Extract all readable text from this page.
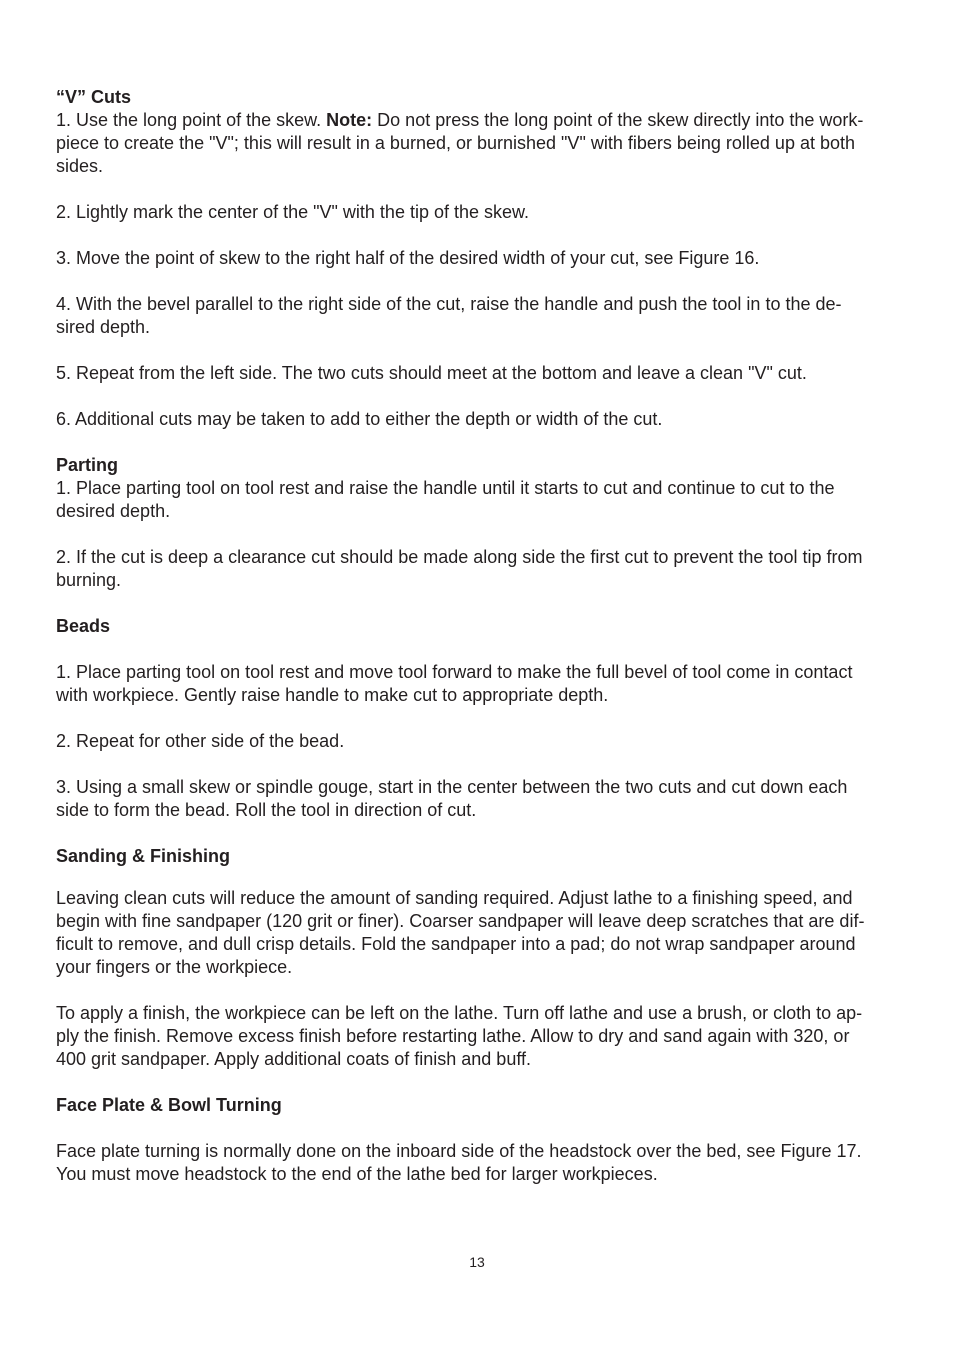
“V” Cuts

1. Use the long point of the skew. Note: Do not press the long point of the skew directly into the work-
piece to create the "V"; this will result in a burned, or burnished "V" with fibers being rolled up at both
sides.

2. Lightly mark the center of the "V" with the tip of the skew.

3. Move the point of skew to the right half of the desired width of your cut, see Figure 16.

4. With the bevel parallel to the right side of the cut, raise the handle and push the tool in to the de-
sired depth.

5. Repeat from the left side. The two cuts should meet at the bottom and leave a clean "V" cut.

6. Additional cuts may be taken to add to either the depth or width of the cut.

Parting

1. Place parting tool on tool rest and raise the handle until it starts to cut and continue to cut to the
desired depth.

2. If the cut is deep a clearance cut should be made along side the first cut to prevent the tool tip from
burning.

Beads

1. Place parting tool on tool rest and move tool forward to make the full bevel of tool come in contact
with workpiece. Gently raise handle to make cut to appropriate depth.

2. Repeat for other side of the bead.

3. Using a small skew or spindle gouge, start in the center between the two cuts and cut down each
side to form the bead. Roll the tool in direction of cut.

Sanding & Finishing

Leaving clean cuts will reduce the amount of sanding required. Adjust lathe to a finishing speed, and
begin with fine sandpaper (120 grit or finer). Coarser sandpaper will leave deep scratches that are dif-
ficult to remove, and dull crisp details. Fold the sandpaper into a pad; do not wrap sandpaper around
your fingers or the workpiece.

To apply a finish, the workpiece can be left on the lathe. Turn off lathe and use a brush, or cloth to ap-
ply the finish. Remove excess finish before restarting lathe. Allow to dry and sand again with 320, or
400 grit sandpaper. Apply additional coats of finish and buff.

Face Plate & Bowl Turning

Face plate turning is normally done on the inboard side of the headstock over the bed, see Figure 17.
You must move headstock to the end of the lathe bed for larger workpieces.

13
